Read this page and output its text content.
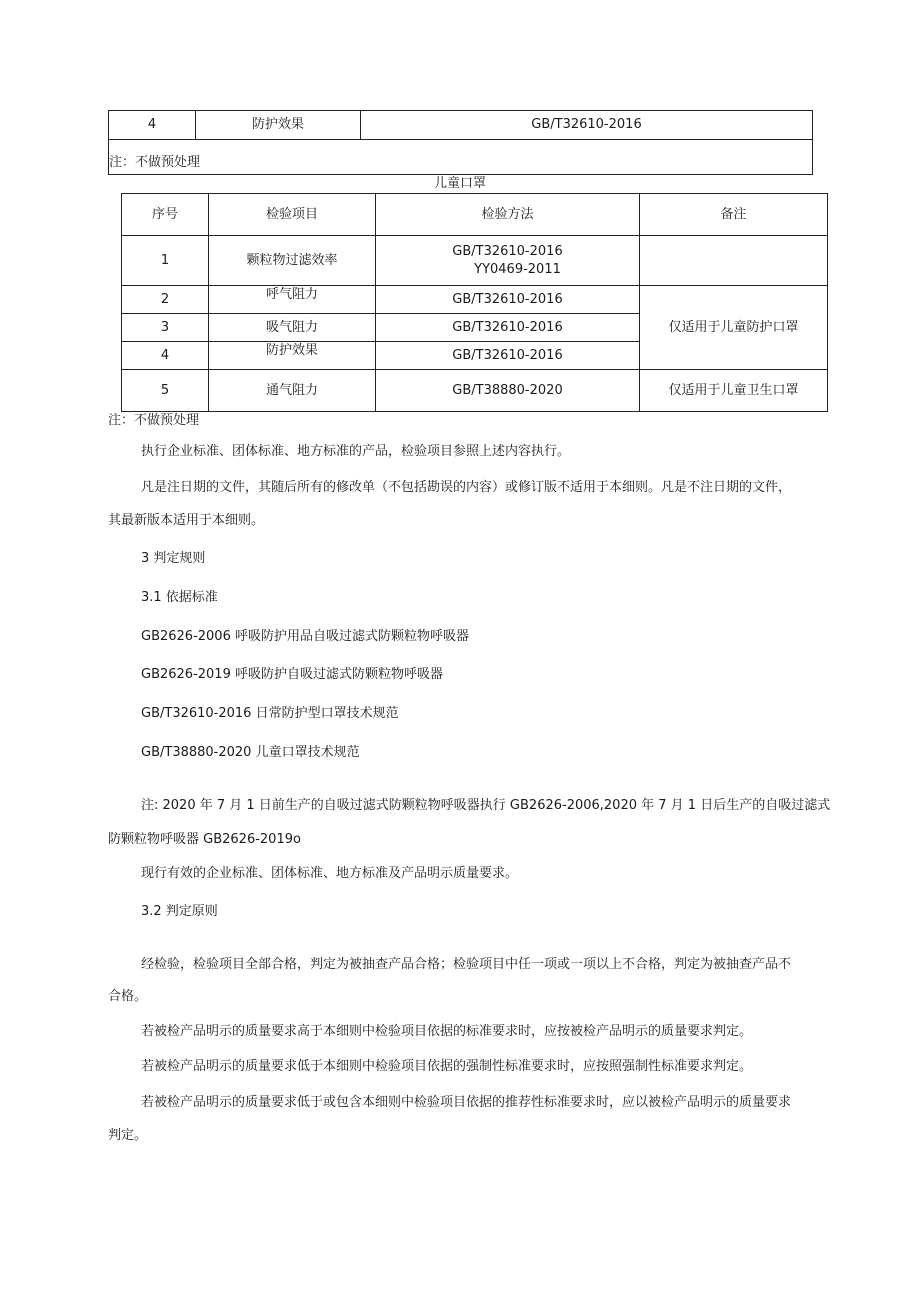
4	防护效果	GB/T32610-2016
注：不做预处理
儿童口罩
序号	检验项目	检验方法	备注
1	颗粒物过滤效率	GB/T32610-2016
YY0469-2011	

2	呼气阻力	GB/T32610-2016	仅适用于儿童防护口罩
3	吸气阻力	GB/T32610-2016	
4	防护效果	GB/T32610-2016	
5	通气阻力	GB/T38880-2020	仅适用于儿童卫生口罩
注：不做预处理
执行企业标准、团体标准、地方标准的产品，检验项目参照上述内容执行。
凡是注日期的文件，其随后所有的修改单（不包括勘误的内容）或修订版不适用于本细则。凡是不注日期的文件，
其最新版本适用于本细则。
3 判定规则
3.1 依据标准
GB2626-2006 呼吸防护用品自吸过滤式防颗粒物呼吸器
GB2626-2019 呼吸防护自吸过滤式防颗粒物呼吸器
GB/T32610-2016 日常防护型口罩技术规范
GB/T38880-2020 儿童口罩技术规范
注: 2020 年 7 月 1 日前生产的自吸过滤式防颗粒物呼吸器执行 GB2626-2006,2020 年 7 月 1 日后生产的自吸过滤式
防颗粒物呼吸器 GB2626-2019o
现行有效的企业标准、团体标准、地方标准及产品明示质量要求。
3.2 判定原则
经检验，检验项目全部合格，判定为被抽查产品合格；检验项目中任一项或一项以上不合格，判定为被抽查产品不
合格。
若被检产品明示的质量要求高于本细则中检验项目依据的标准要求时，应按被检产品明示的质量要求判定。
若被检产品明示的质量要求低于本细则中检验项目依据的强制性标准要求时，应按照强制性标准要求判定。
若被检产品明示的质量要求低于或包含本细则中检验项目依据的推荐性标准要求时，应以被检产品明示的质量要求
判定。
